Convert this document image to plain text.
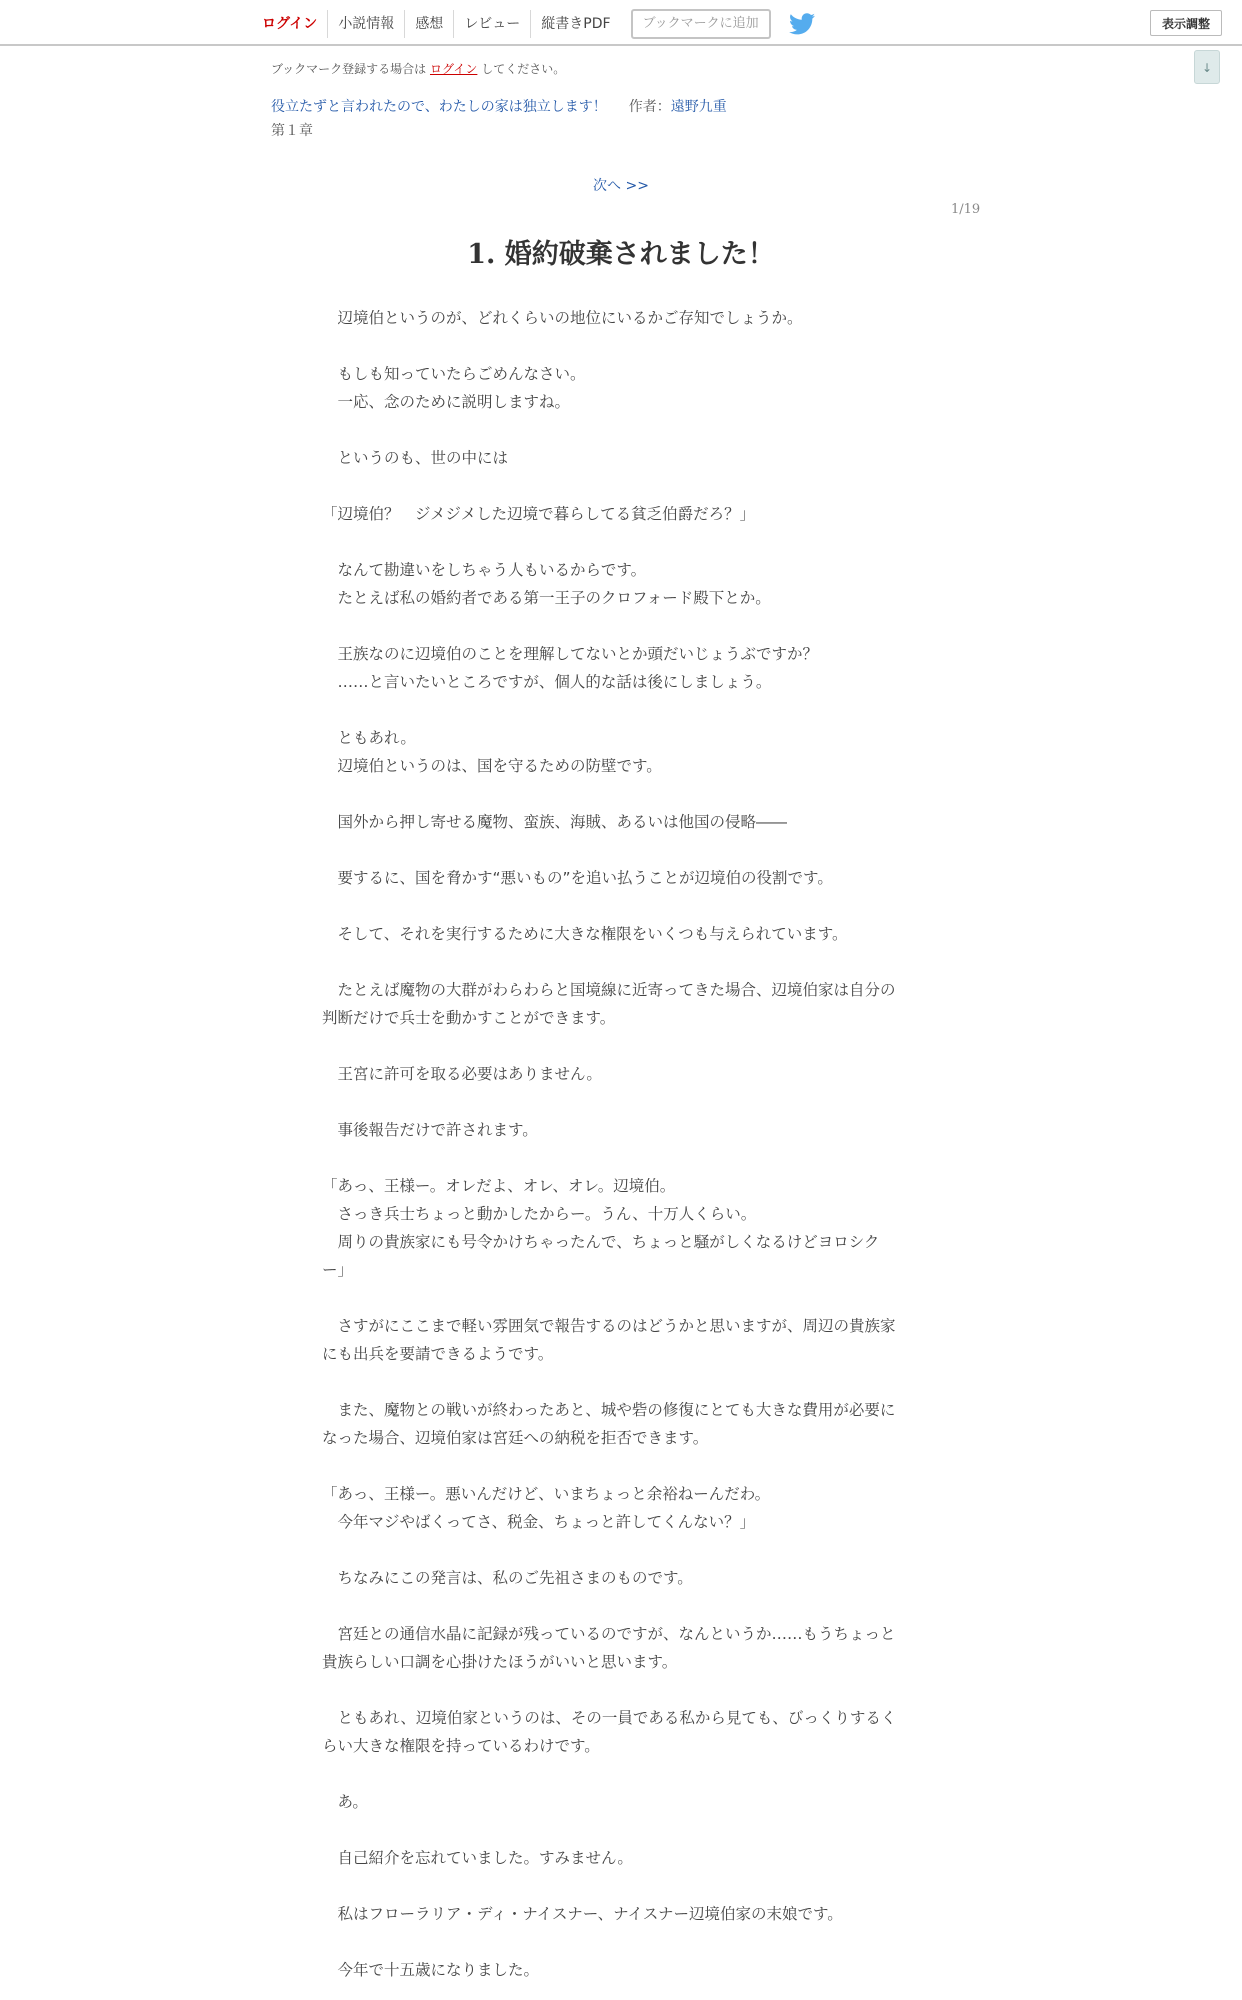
ログイン	小説情報	感想	レビュー	縦書きPDF	ブックマークに追加	表示調整
↓
ブックマーク登録する場合は ログイン してください。
役立たずと言われたので、わたしの家は独立します！ 作者：遠野九重
第１章
次へ >>
1/19
1. 婚約破棄されました！
　辺境伯というのが、どれくらいの地位にいるかご存知でしょうか。
　もしも知っていたらごめんなさい。
　一応、念のために説明しますね。
　というのも、世の中には
「辺境伯？　ジメジメした辺境で暮らしてる貧乏伯爵だろ？」
　なんて勘違いをしちゃう人もいるからです。
　たとえば私の婚約者である第一王子のクロフォード殿下とか。
　王族なのに辺境伯のことを理解してないとか頭だいじょうぶですか？
　……と言いたいところですが、個人的な話は後にしましょう。
　ともあれ。
　辺境伯というのは、国を守るための防壁です。
　国外から押し寄せる魔物、蛮族、海賊、あるいは他国の侵略――
　要するに、国を脅かす“悪いもの”を追い払うことが辺境伯の役割です。
　そして、それを実行するために大きな権限をいくつも与えられています。
　たとえば魔物の大群がわらわらと国境線に近寄ってきた場合、辺境伯家は自分の
判断だけで兵士を動かすことができます。
　王宮に許可を取る必要はありません。
　事後報告だけで許されます。
「あっ、王様ー。オレだよ、オレ、オレ。辺境伯。
　さっき兵士ちょっと動かしたからー。うん、十万人くらい。
　周りの貴族家にも号令かけちゃったんで、ちょっと騒がしくなるけどヨロシク
ー」
　さすがにここまで軽い雰囲気で報告するのはどうかと思いますが、周辺の貴族家
にも出兵を要請できるようです。
　また、魔物との戦いが終わったあと、城や砦の修復にとても大きな費用が必要に
なった場合、辺境伯家は宮廷への納税を拒否できます。
「あっ、王様ー。悪いんだけど、いまちょっと余裕ねーんだわ。
　今年マジやばくってさ、税金、ちょっと許してくんない？」
　ちなみにこの発言は、私のご先祖さまのものです。
　宮廷との通信水晶に記録が残っているのですが、なんというか……もうちょっと
貴族らしい口調を心掛けたほうがいいと思います。
　ともあれ、辺境伯家というのは、その一員である私から見ても、びっくりするく
らい大きな権限を持っているわけです。
　あ。
　自己紹介を忘れていました。すみません。
　私はフローラリア・ディ・ナイスナー、ナイスナー辺境伯家の末娘です。
　今年で十五歳になりました。
